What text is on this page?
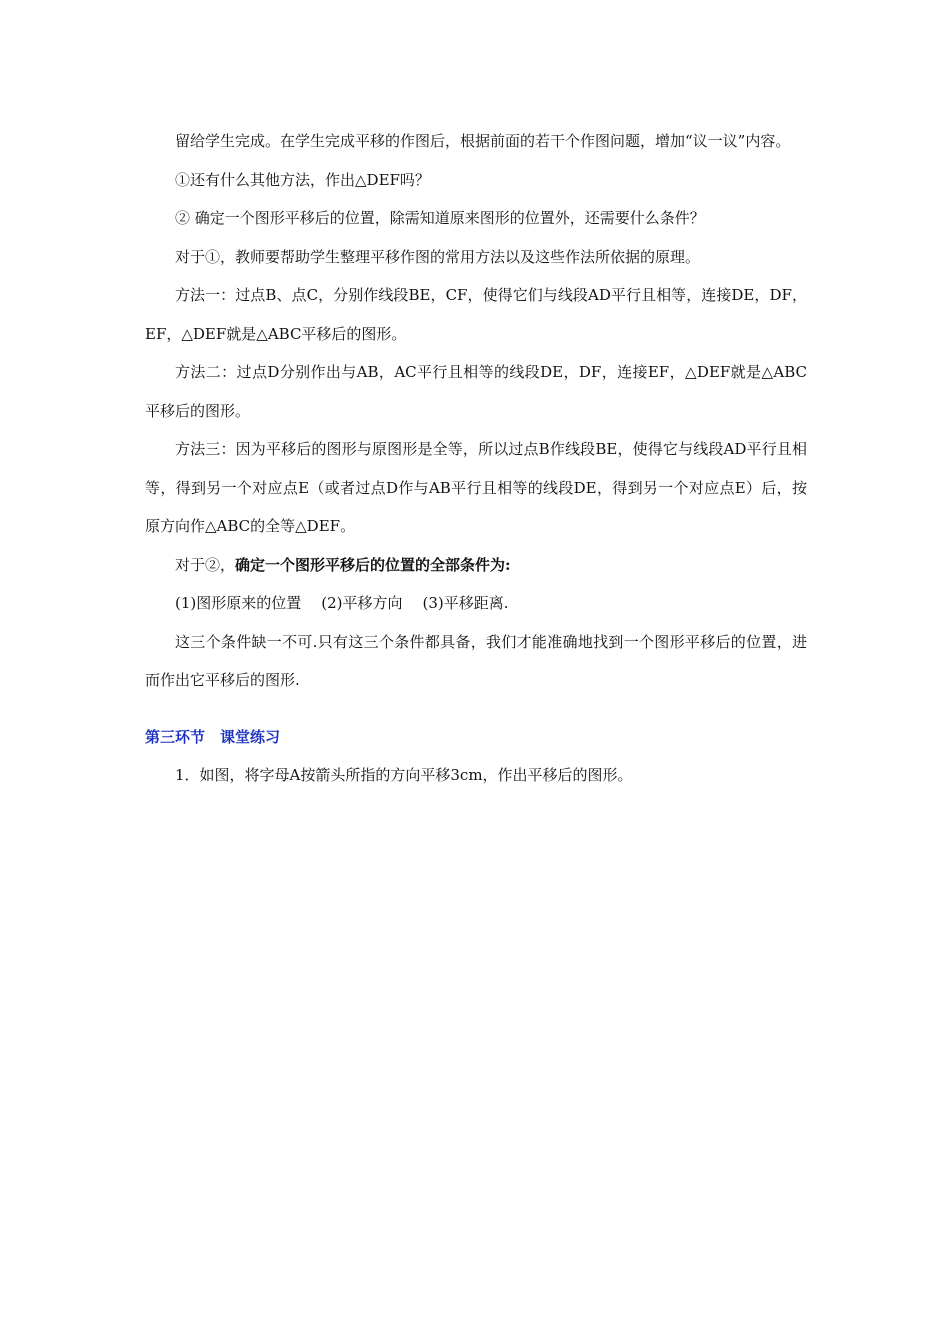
留给学生完成。在学生完成平移的作图后，根据前面的若干个作图问题，增加“议一议”内容。

①还有什么其他方法，作出△DEF吗？

② 确定一个图形平移后的位置，除需知道原来图形的位置外，还需要什么条件？

对于①，教师要帮助学生整理平移作图的常用方法以及这些作法所依据的原理。

方法一：过点B、点C，分别作线段BE，CF，使得它们与线段AD平行且相等，连接DE，DF，EF，△DEF就是△ABC平移后的图形。

方法二：过点D分别作出与AB，AC平行且相等的线段DE，DF，连接EF，△DEF就是△ABC平移后的图形。

方法三：因为平移后的图形与原图形是全等，所以过点B作线段BE，使得它与线段AD平行且相等，得到另一个对应点E（或者过点D作与AB平行且相等的线段DE，得到另一个对应点E）后，按原方向作△ABC的全等△DEF。

对于②，确定一个图形平移后的位置的全部条件为:

(1)图形原来的位置 (2)平移方向 (3)平移距离.

这三个条件缺一不可.只有这三个条件都具备，我们才能准确地找到一个图形平移后的位置，进而作出它平移后的图形.

第三环节　课堂练习

1．如图，将字母A按箭头所指的方向平移3cm，作出平移后的图形。
